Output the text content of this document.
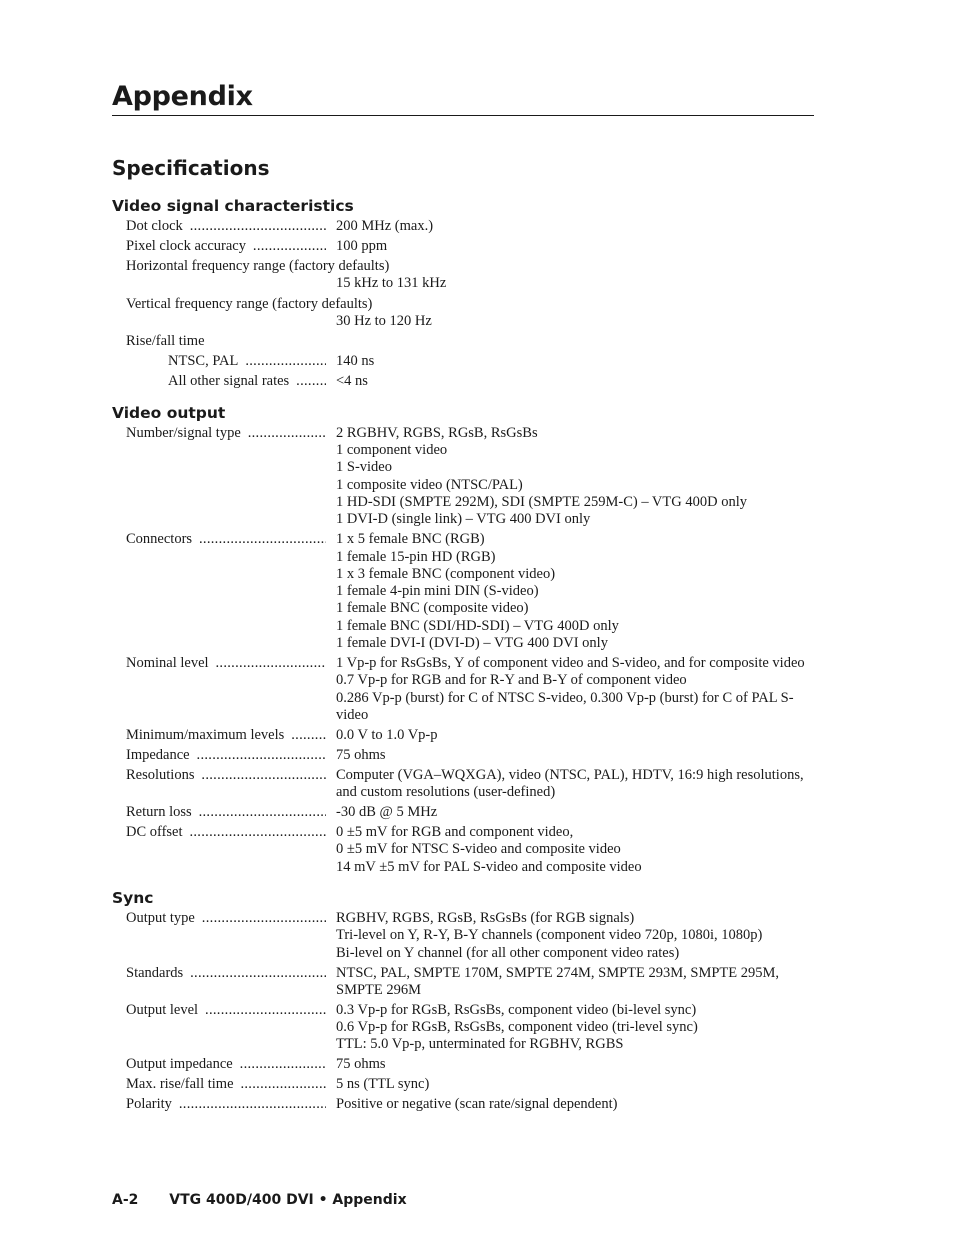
Appendix
Specifications
Video signal characteristics
Dot clock .....	200 MHz (max.)
Pixel clock accuracy .....	100 ppm
Horizontal frequency range (factory defaults)
15 kHz to 131 kHz
Vertical frequency range (factory defaults)
30 Hz to 120 Hz
Rise/fall time
NTSC, PAL .....	140 ns
All other signal rates .....	<4 ns
Video output
Number/signal type .....	2 RGBHV, RGBS, RGsB, RsGsBs
1 component video
1 S-video
1 composite video (NTSC/PAL)
1 HD-SDI (SMPTE 292M), SDI (SMPTE 259M-C) – VTG 400D only
1 DVI-D (single link) – VTG 400 DVI only
Connectors .....	1 x 5 female BNC (RGB)
1 female 15-pin HD (RGB)
1 x 3 female BNC (component video)
1 female 4-pin mini DIN (S-video)
1 female BNC (composite video)
1 female BNC (SDI/HD-SDI) – VTG 400D only
1 female DVI-I (DVI-D) – VTG 400 DVI only
Nominal level .....	1 Vp-p for RsGsBs, Y of component video and S-video, and for composite video
0.7 Vp-p for RGB and for R-Y and B-Y of component video
0.286 Vp-p (burst) for C of NTSC S-video, 0.300 Vp-p (burst) for C of PAL S-video
Minimum/maximum levels .....	0.0 V to 1.0 Vp-p
Impedance .....	75 ohms
Resolutions .....	Computer (VGA–WQXGA), video (NTSC, PAL), HDTV, 16:9 high resolutions, and custom resolutions (user-defined)
Return loss .....	-30 dB @ 5 MHz
DC offset .....	0 ±5 mV for RGB and component video,
0 ±5 mV for NTSC S-video and composite video
14 mV ±5 mV for PAL S-video and composite video
Sync
Output type .....	RGBHV, RGBS, RGsB, RsGsBs (for RGB signals)
Tri-level on Y, R-Y, B-Y channels (component video 720p, 1080i, 1080p)
Bi-level on Y channel (for all other component video rates)
Standards .....	NTSC, PAL, SMPTE 170M, SMPTE 274M, SMPTE 293M, SMPTE 295M, SMPTE 296M
Output level .....	0.3 Vp-p for RGsB, RsGsBs, component video (bi-level sync)
0.6 Vp-p for RGsB, RsGsBs, component video (tri-level sync)
TTL: 5.0 Vp-p, unterminated for RGBHV, RGBS
Output impedance .....	75 ohms
Max. rise/fall time .....	5 ns (TTL sync)
Polarity .....	Positive or negative (scan rate/signal dependent)
A-2 VTG 400D/400 DVI • Appendix
